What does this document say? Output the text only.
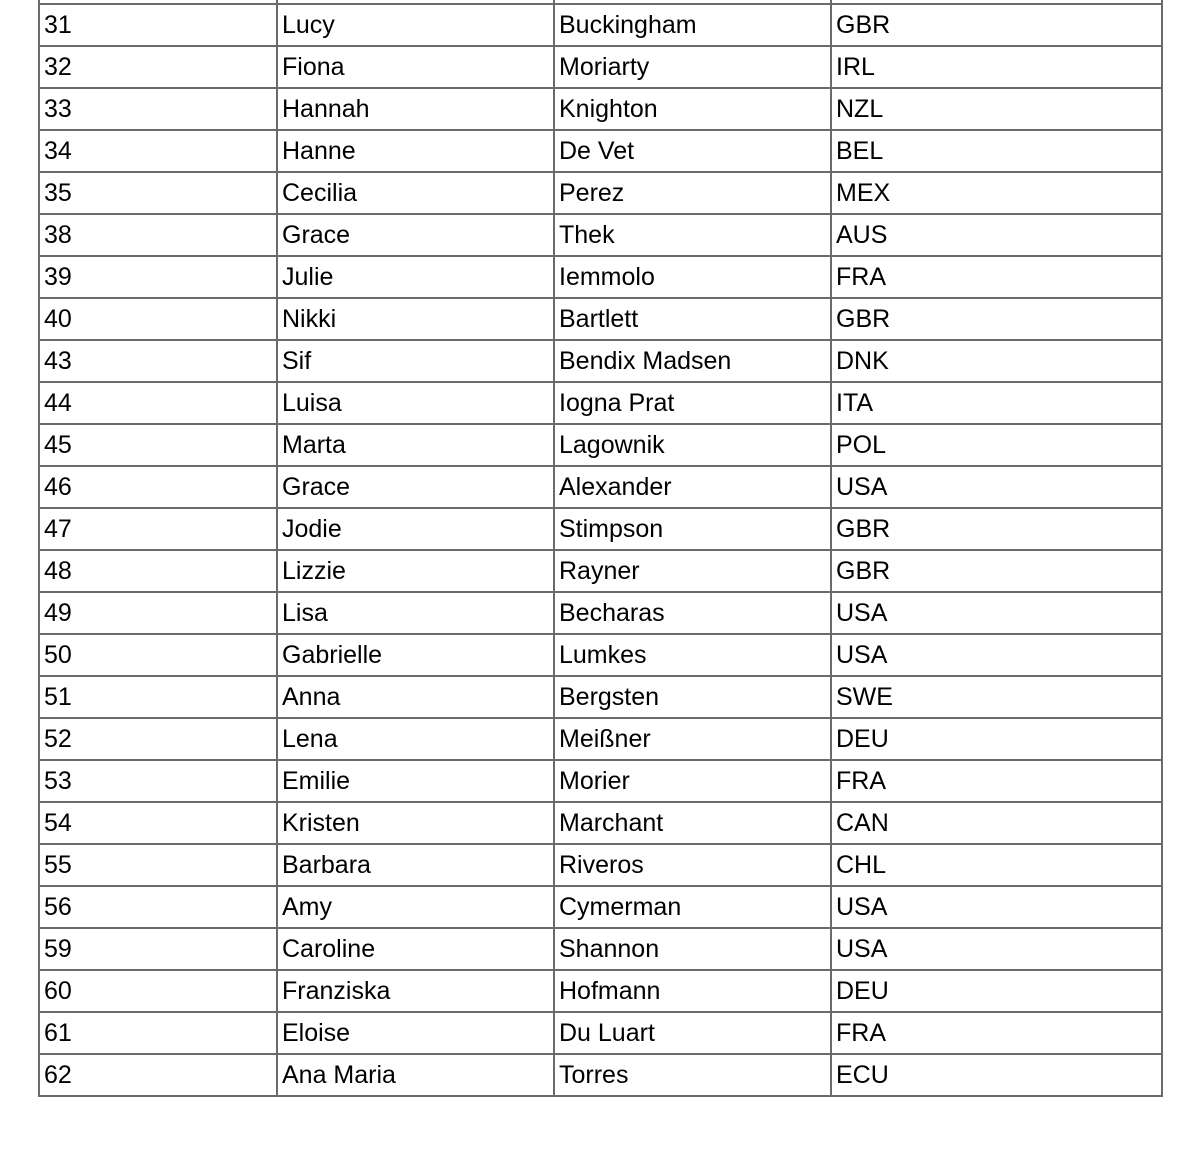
31	Lucy	Buckingham	GBR
32	Fiona	Moriarty	IRL
33	Hannah	Knighton	NZL
34	Hanne	De Vet	BEL
35	Cecilia	Perez	MEX
38	Grace	Thek	AUS
39	Julie	Iemmolo	FRA
40	Nikki	Bartlett	GBR
43	Sif	Bendix Madsen	DNK
44	Luisa	Iogna Prat	ITA
45	Marta	Lagownik	POL
46	Grace	Alexander	USA
47	Jodie	Stimpson	GBR
48	Lizzie	Rayner	GBR
49	Lisa	Becharas	USA
50	Gabrielle	Lumkes	USA
51	Anna	Bergsten	SWE
52	Lena	Meißner	DEU
53	Emilie	Morier	FRA
54	Kristen	Marchant	CAN
55	Barbara	Riveros	CHL
56	Amy	Cymerman	USA
59	Caroline	Shannon	USA
60	Franziska	Hofmann	DEU
61	Eloise	Du Luart	FRA
62	Ana Maria	Torres	ECU
